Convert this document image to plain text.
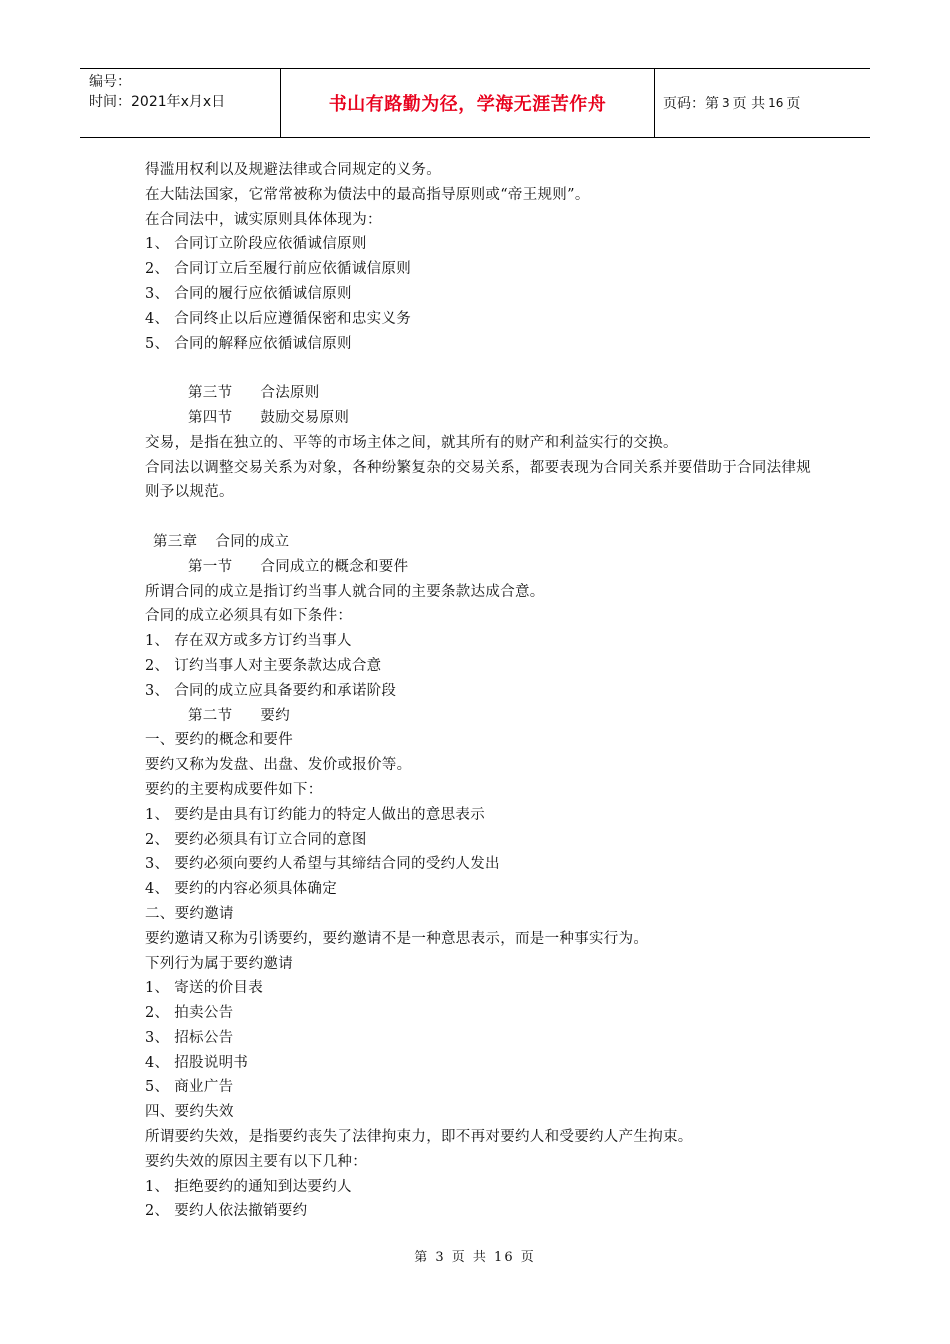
编号：
时间：2021年x月x日	书山有路勤为径，学海无涯苦作舟	页码：第 3 页 共 16 页

得滥用权利以及规避法律或合同规定的义务。

在大陆法国家，它常常被称为债法中的最高指导原则或“帝王规则”。

在合同法中，诚实原则具体体现为：

1、 合同订立阶段应依循诚信原则

2、 合同订立后至履行前应依循诚信原则

3、 合同的履行应依循诚信原则

4、 合同终止以后应遵循保密和忠实义务

5、 合同的解释应依循诚信原则

第三节 合法原则

第四节 鼓励交易原则

交易，是指在独立的、平等的市场主体之间，就其所有的财产和利益实行的交换。

合同法以调整交易关系为对象，各种纷繁复杂的交易关系，都要表现为合同关系并要借助于合同法律规则予以规范。

第三章 合同的成立

第一节 合同成立的概念和要件

所谓合同的成立是指订约当事人就合同的主要条款达成合意。

合同的成立必须具有如下条件：

1、 存在双方或多方订约当事人

2、 订约当事人对主要条款达成合意

3、 合同的成立应具备要约和承诺阶段

第二节 要约

一、要约的概念和要件

要约又称为发盘、出盘、发价或报价等。

要约的主要构成要件如下：

1、 要约是由具有订约能力的特定人做出的意思表示

2、 要约必须具有订立合同的意图

3、 要约必须向要约人希望与其缔结合同的受约人发出

4、 要约的内容必须具体确定

二、要约邀请

要约邀请又称为引诱要约，要约邀请不是一种意思表示，而是一种事实行为。

下列行为属于要约邀请

1、 寄送的价目表

2、 拍卖公告

3、 招标公告

4、 招股说明书

5、 商业广告

四、要约失效

所谓要约失效，是指要约丧失了法律拘束力，即不再对要约人和受要约人产生拘束。

要约失效的原因主要有以下几种：

1、 拒绝要约的通知到达要约人

2、 要约人依法撤销要约

第 3 页 共 16 页
